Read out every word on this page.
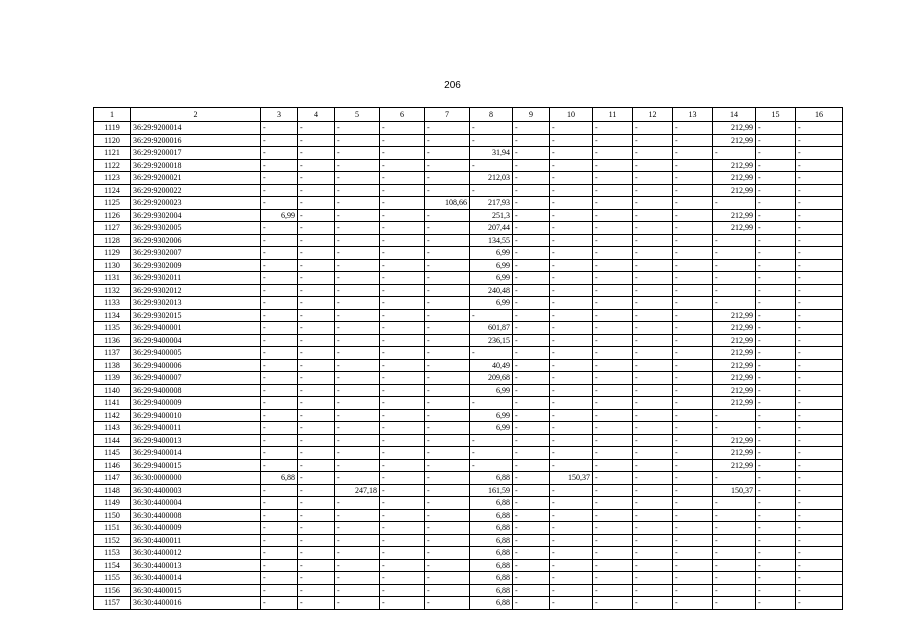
206
1	2	3	4	5	6	7	8	9	10	11	12	13	14	15	16
1119	36:29:9200014	-	-	-	-	-	-	-	-	-	-	-	212,99	-	-
1120	36:29:9200016	-	-	-	-	-	-	-	-	-	-	-	212,99	-	-
1121	36:29:9200017	-	-	-	-	-	31,94	-	-	-	-	-	-	-	-
1122	36:29:9200018	-	-	-	-	-	-	-	-	-	-	-	212,99	-	-
1123	36:29:9200021	-	-	-	-	-	212,03	-	-	-	-	-	212,99	-	-
1124	36:29:9200022	-	-	-	-	-	-	-	-	-	-	-	212,99	-	-
1125	36:29:9200023	-	-	-	-	108,66	217,93	-	-	-	-	-	-	-	-
1126	36:29:9302004	6,99	-	-	-	-	251,3	-	-	-	-	-	212,99	-	-
1127	36:29:9302005	-	-	-	-	-	207,44	-	-	-	-	-	212,99	-	-
1128	36:29:9302006	-	-	-	-	-	134,55	-	-	-	-	-	-	-	-
1129	36:29:9302007	-	-	-	-	-	6,99	-	-	-	-	-	-	-	-
1130	36:29:9302009	-	-	-	-	-	6,99	-	-	-	-	-	-	-	-
1131	36:29:9302011	-	-	-	-	-	6,99	-	-	-	-	-	-	-	-
1132	36:29:9302012	-	-	-	-	-	240,48	-	-	-	-	-	-	-	-
1133	36:29:9302013	-	-	-	-	-	6,99	-	-	-	-	-	-	-	-
1134	36:29:9302015	-	-	-	-	-	-	-	-	-	-	-	212,99	-	-
1135	36:29:9400001	-	-	-	-	-	601,87	-	-	-	-	-	212,99	-	-
1136	36:29:9400004	-	-	-	-	-	236,15	-	-	-	-	-	212,99	-	-
1137	36:29:9400005	-	-	-	-	-	-	-	-	-	-	-	212,99	-	-
1138	36:29:9400006	-	-	-	-	-	40,49	-	-	-	-	-	212,99	-	-
1139	36:29:9400007	-	-	-	-	-	209,68	-	-	-	-	-	212,99	-	-
1140	36:29:9400008	-	-	-	-	-	6,99	-	-	-	-	-	212,99	-	-
1141	36:29:9400009	-	-	-	-	-	-	-	-	-	-	-	212,99	-	-
1142	36:29:9400010	-	-	-	-	-	6,99	-	-	-	-	-	-	-	-
1143	36:29:9400011	-	-	-	-	-	6,99	-	-	-	-	-	-	-	-
1144	36:29:9400013	-	-	-	-	-	-	-	-	-	-	-	212,99	-	-
1145	36:29:9400014	-	-	-	-	-	-	-	-	-	-	-	212,99	-	-
1146	36:29:9400015	-	-	-	-	-	-	-	-	-	-	-	212,99	-	-
1147	36:30:0000000	6,88	-	-	-	-	6,88	-	150,37	-	-	-	-	-	-
1148	36:30:4400003	-	-	247,18	-	-	161,59	-	-	-	-	-	150,37	-	-
1149	36:30:4400004	-	-	-	-	-	6,88	-	-	-	-	-	-	-	-
1150	36:30:4400008	-	-	-	-	-	6,88	-	-	-	-	-	-	-	-
1151	36:30:4400009	-	-	-	-	-	6,88	-	-	-	-	-	-	-	-
1152	36:30:4400011	-	-	-	-	-	6,88	-	-	-	-	-	-	-	-
1153	36:30:4400012	-	-	-	-	-	6,88	-	-	-	-	-	-	-	-
1154	36:30:4400013	-	-	-	-	-	6,88	-	-	-	-	-	-	-	-
1155	36:30:4400014	-	-	-	-	-	6,88	-	-	-	-	-	-	-	-
1156	36:30:4400015	-	-	-	-	-	6,88	-	-	-	-	-	-	-	-
1157	36:30:4400016	-	-	-	-	-	6,88	-	-	-	-	-	-	-	-
